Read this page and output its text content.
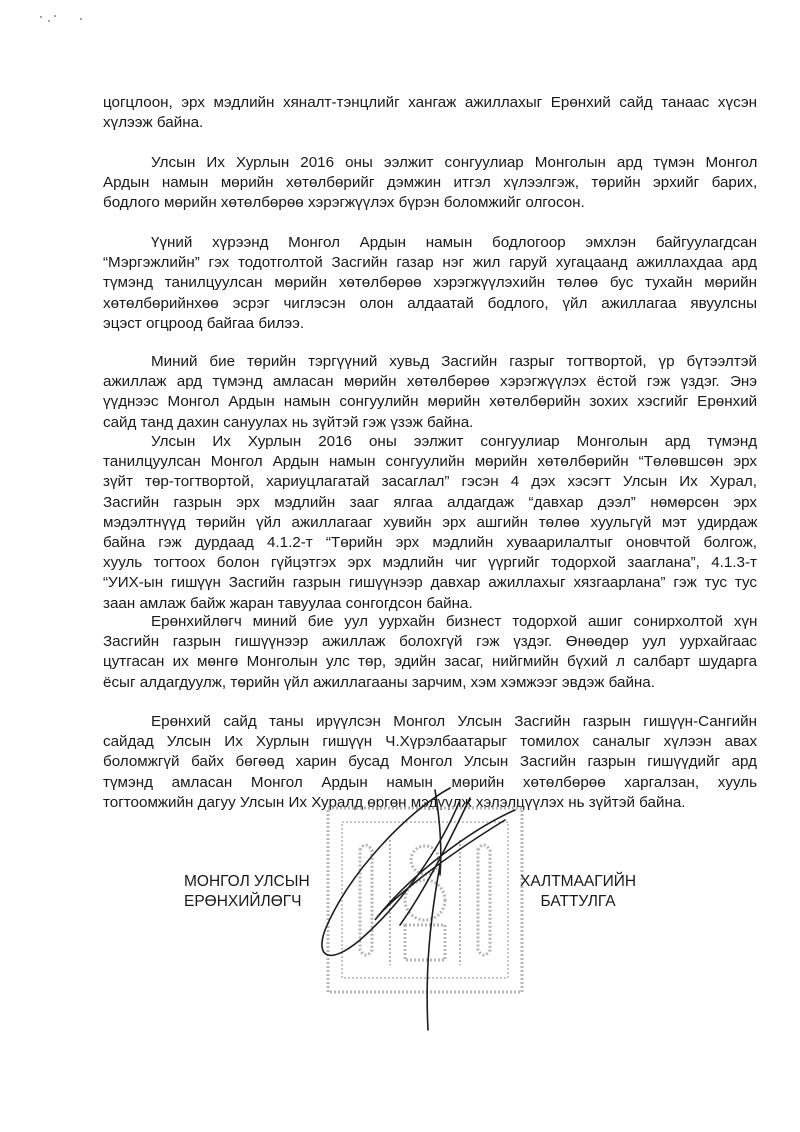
цогцлоон, эрх мэдлийн хяналт-тэнцлийг хангаж ажиллахыг Ерөнхий сайд танаас хүсэн
хүлээж байна.
Улсын Их Хурлын 2016 оны ээлжит сонгуулиар Монголын ард түмэн Монгол
Ардын намын мөрийн хөтөлбөрийг дэмжин итгэл хүлээлгэж, төрийн эрхийг барих,
бодлого мөрийн хөтөлбөрөө хэрэгжүүлэх бүрэн боломжийг олгосон.
Үүний хүрээнд Монгол Ардын намын бодлогоор эмхлэн байгуулагдсан
“Мэргэжлийн” гэх тодотголтой Засгийн газар нэг жил гаруй хугацаанд ажиллахдаа ард
түмэнд танилцуулсан мөрийн хөтөлбөрөө хэрэгжүүлэхийн төлөө бус тухайн мөрийн
хөтөлбөрийнхөө эсрэг чиглэсэн олон алдаатай бодлого, үйл ажиллагаа явуулсны
эцэст огцроод байгаа билээ.
Миний бие төрийн тэргүүний хувьд Засгийн газрыг тогтвортой, үр бүтээлтэй
ажиллаж ард түмэнд амласан мөрийн хөтөлбөрөө хэрэгжүүлэх ёстой гэж үздэг. Энэ
үүднээс Монгол Ардын намын сонгуулийн мөрийн хөтөлбөрийн зохих хэсгийг Ерөнхий
сайд танд дахин сануулах нь зүйтэй гэж үзэж байна.
Улсын Их Хурлын 2016 оны ээлжит сонгуулиар Монголын ард түмэнд
танилцуулсан Монгол Ардын намын сонгуулийн мөрийн хөтөлбөрийн “Төлөвшсөн эрх
зүйт төр-тогтвортой, хариуцлагатай засаглал” гэсэн 4 дэх хэсэгт Улсын Их Хурал,
Засгийн газрын эрх мэдлийн зааг ялгаа алдагдаж “давхар дээл” нөмөрсөн эрх
мэдэлтнүүд төрийн үйл ажиллагааг хувийн эрх ашгийн төлөө хуульгүй мэт удирдаж
байна гэж дурдаад 4.1.2-т “Төрийн эрх мэдлийн хуваарилалтыг оновчтой болгож,
хууль тогтоох болон гүйцэтгэх эрх мэдлийн чиг үүргийг тодорхой зааглана”, 4.1.3-т
“УИХ-ын гишүүн Засгийн газрын гишүүнээр давхар ажиллахыг хязгаарлана” гэж тус тус
заан амлаж байж жаран тавуулаа сонгогдсон байна.
Ерөнхийлөгч миний бие уул уурхайн бизнест тодорхой ашиг сонирхолтой хүн
Засгийн газрын гишүүнээр ажиллаж болохгүй гэж үздэг. Өнөөдөр уул уурхайгаас
цутгасан их мөнгө Монголын улс төр, эдийн засаг, нийгмийн бүхий л салбарт шударга
ёсыг алдагдуулж, төрийн үйл ажиллагааны зарчим, хэм хэмжээг эвдэж байна.
Ерөнхий сайд таны ирүүлсэн Монгол Улсын Засгийн газрын гишүүн-Сангийн
сайдад Улсын Их Хурлын гишүүн Ч.Хүрэлбаатарыг томилох саналыг хүлээн авах
боломжгүй байх бөгөөд харин бусад Монгол Улсын Засгийн газрын гишүүдийг ард
түмэнд амласан Монгол Ардын намын мөрийн хөтөлбөрөө харгалзан, хууль
тогтоомжийн дагуу Улсын Их Хуралд өргөн мэдүүлж хэлэлцүүлэх нь зүйтэй байна.
МОНГОЛ УЛСЫН
ЕРӨНХИЙЛӨГЧ
ХАЛТМААГИЙН
БАТТУЛГА
